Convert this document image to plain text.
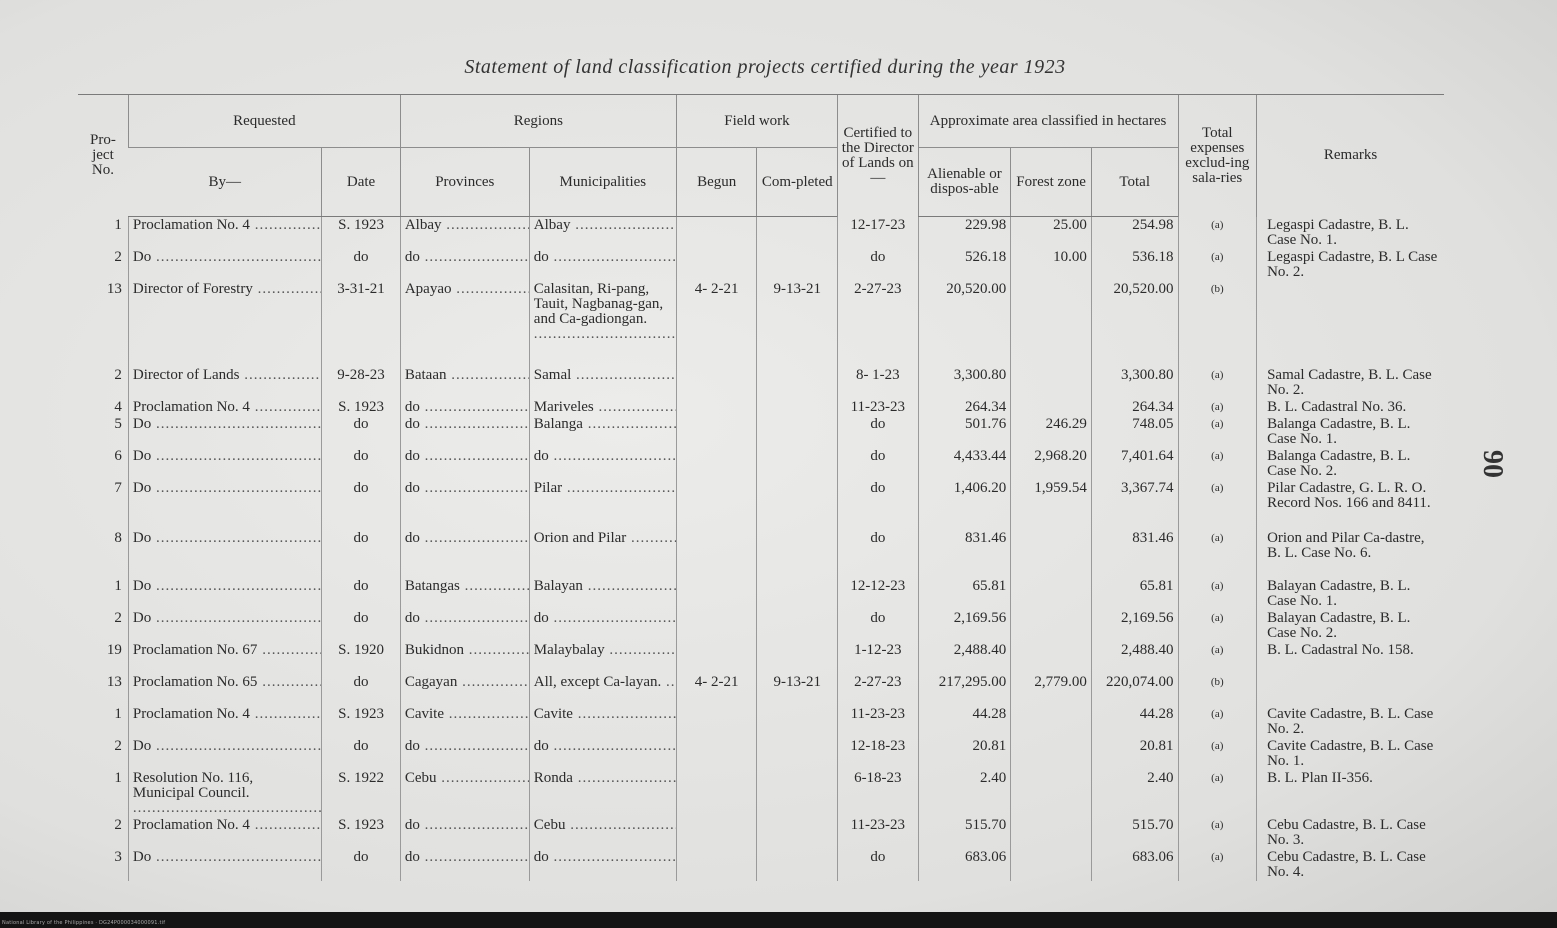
Statement of land classification projects certified during the year 1923
Pro-ject No.	Requested		Regions		Field work		Certified to the Director of Lands on—	Approximate area classified in hectares			Total expenses exclud-ing sala-ries	Remarks
	By—	Date	Provinces	Municipalities	Begun	Com-pleted		Alienable or dispos-able	Forest zone	Total		
1	Proclamation No. 4 .....	S. 1923	Albay .....	Albay .....			12-17-23	229.98	25.00	254.98	(a)	Legaspi Cadastre, B. L. Case No. 1.
2	Do .....	do	do .....	do .....			do	526.18	10.00	536.18	(a)	Legaspi Cadastre, B. L Case No. 2.
13	Director of Forestry .....	3-31-21	Apayao .....	Calasitan, Ri-pang, Tauit, Nagbanag-gan, and Ca-gadiongan. .....	4- 2-21	9-13-21	2-27-23	20,520.00		20,520.00	(b)	
2	Director of Lands .....	9-28-23	Bataan .....	Samal .....			8- 1-23	3,300.80		3,300.80	(a)	Samal Cadastre, B. L. Case No. 2.
4	Proclamation No. 4 .....	S. 1923	do .....	Mariveles .....			11-23-23	264.34		264.34	(a)	B. L. Cadastral No. 36.
5	Do .....	do	do .....	Balanga .....			do	501.76	246.29	748.05	(a)	Balanga Cadastre, B. L. Case No. 1.
6	Do .....	do	do .....	do .....			do	4,433.44	2,968.20	7,401.64	(a)	Balanga Cadastre, B. L. Case No. 2.
7	Do .....	do	do .....	Pilar .....			do	1,406.20	1,959.54	3,367.74	(a)	Pilar Cadastre, G. L. R. O. Record Nos. 166 and 8411.
8	Do .....	do	do .....	Orion and Pilar .....			do	831.46		831.46	(a)	Orion and Pilar Ca-dastre, B. L. Case No. 6.
1	Do .....	do	Batangas .....	Balayan .....			12-12-23	65.81		65.81	(a)	Balayan Cadastre, B. L. Case No. 1.
2	Do .....	do	do .....	do .....			do	2,169.56		2,169.56	(a)	Balayan Cadastre, B. L. Case No. 2.
19	Proclamation No. 67 .....	S. 1920	Bukidnon .....	Malaybalay .....			1-12-23	2,488.40		2,488.40	(a)	B. L. Cadastral No. 158.
13	Proclamation No. 65 .....	do	Cagayan .....	All, except Ca-layan. .....	4- 2-21	9-13-21	2-27-23	217,295.00	2,779.00	220,074.00	(b)	
1	Proclamation No. 4 .....	S. 1923	Cavite .....	Cavite .....			11-23-23	44.28		44.28	(a)	Cavite Cadastre, B. L. Case No. 2.
2	Do .....	do	do .....	do .....			12-18-23	20.81		20.81	(a)	Cavite Cadastre, B. L. Case No. 1.
1	Resolution No. 116, Municipal Council. .....	S. 1922	Cebu .....	Ronda .....			6-18-23	2.40		2.40	(a)	B. L. Plan II-356.
2	Proclamation No. 4 .....	S. 1923	do .....	Cebu .....			11-23-23	515.70		515.70	(a)	Cebu Cadastre, B. L. Case No. 3.
3	Do .....	do	do .....	do .....			do	683.06		683.06	(a)	Cebu Cadastre, B. L. Case No. 4.
90
National Library of the Philippines · DG24P000034000091.tif
